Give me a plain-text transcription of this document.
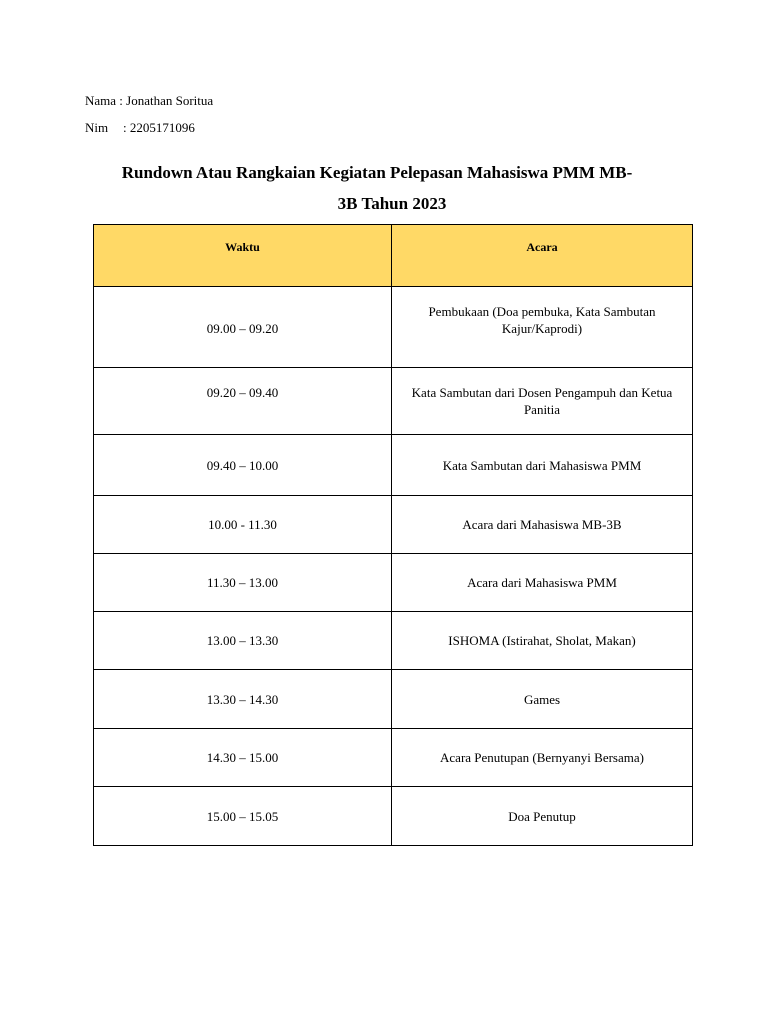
Nama : Jonathan Soritua
Nim : 2205171096
Rundown Atau Rangkaian Kegiatan Pelepasan Mahasiswa PMM MB-
3B Tahun 2023
Waktu	Acara
09.00 – 09.20	Pembukaan (Doa pembuka, Kata Sambutan Kajur/Kaprodi)
09.20 – 09.40	Kata Sambutan dari Dosen Pengampuh dan Ketua Panitia
09.40 – 10.00	Kata Sambutan dari Mahasiswa PMM
10.00 - 11.30	Acara dari Mahasiswa MB-3B
11.30 – 13.00	Acara dari Mahasiswa PMM
13.00 – 13.30	ISHOMA (Istirahat, Sholat, Makan)
13.30 – 14.30	Games
14.30 – 15.00	Acara Penutupan (Bernyanyi Bersama)
15.00 – 15.05	Doa Penutup
